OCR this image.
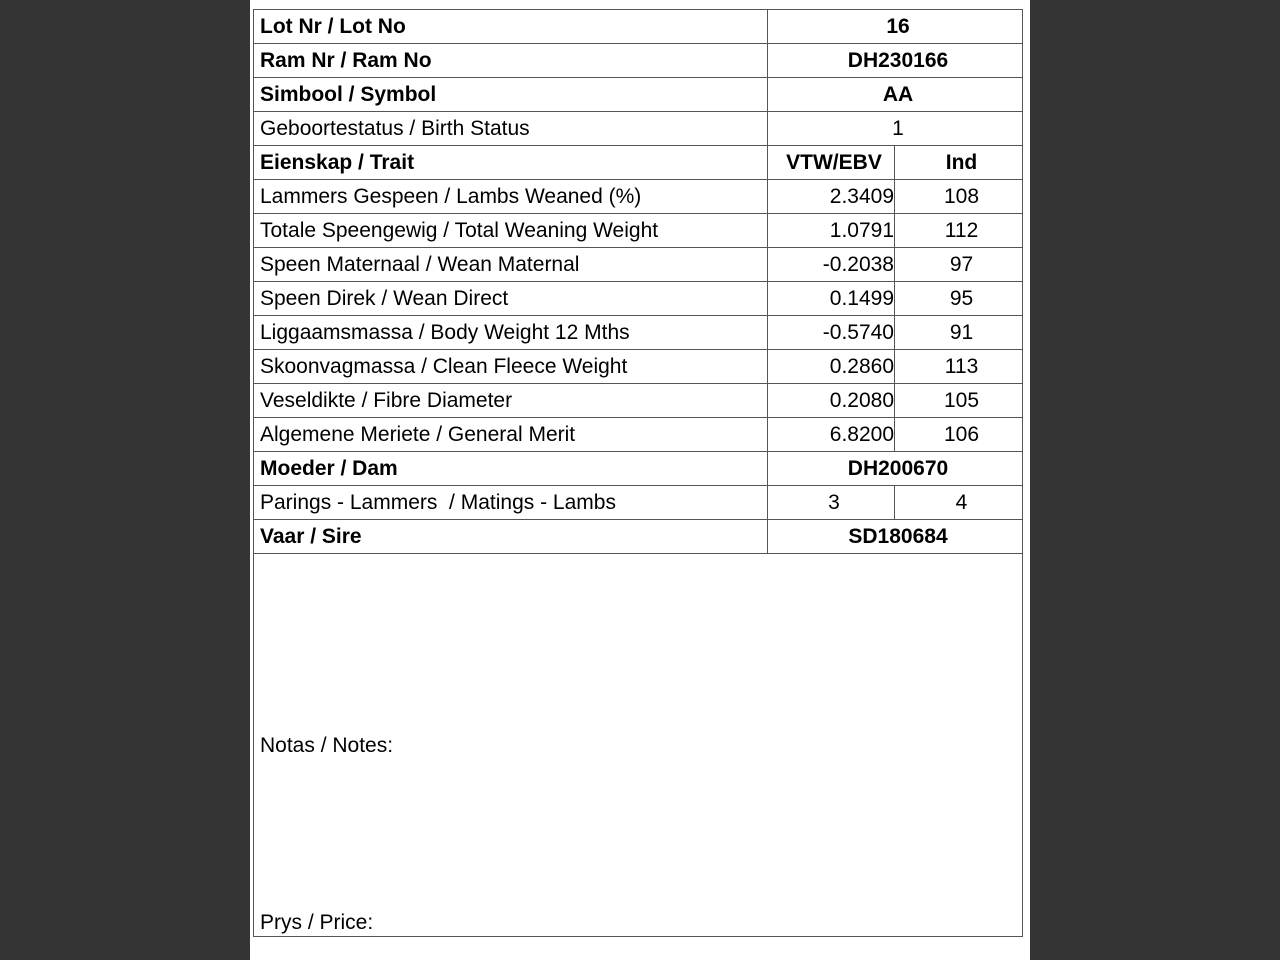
Lot Nr / Lot No	16	
Ram Nr / Ram No	DH230166	
Simbool / Symbol	AA	
Geboortestatus / Birth Status	1	
Eienskap / Trait	VTW/EBV	Ind
Lammers Gespeen / Lambs Weaned (%)	2.3409	108
Totale Speengewig / Total Weaning Weight	1.0791	112
Speen Maternaal / Wean Maternal	-0.2038	97
Speen Direk / Wean Direct	0.1499	95
Liggaamsmassa / Body Weight 12 Mths	-0.5740	91
Skoonvagmassa / Clean Fleece Weight	0.2860	113
Veseldikte / Fibre Diameter	0.2080	105
Algemene Meriete / General Merit	6.8200	106
Moeder / Dam	DH200670	
Parings - Lammers  / Matings - Lambs	3	4
Vaar / Sire	SD180684	
Notas / Notes:
Prys / Price:		
